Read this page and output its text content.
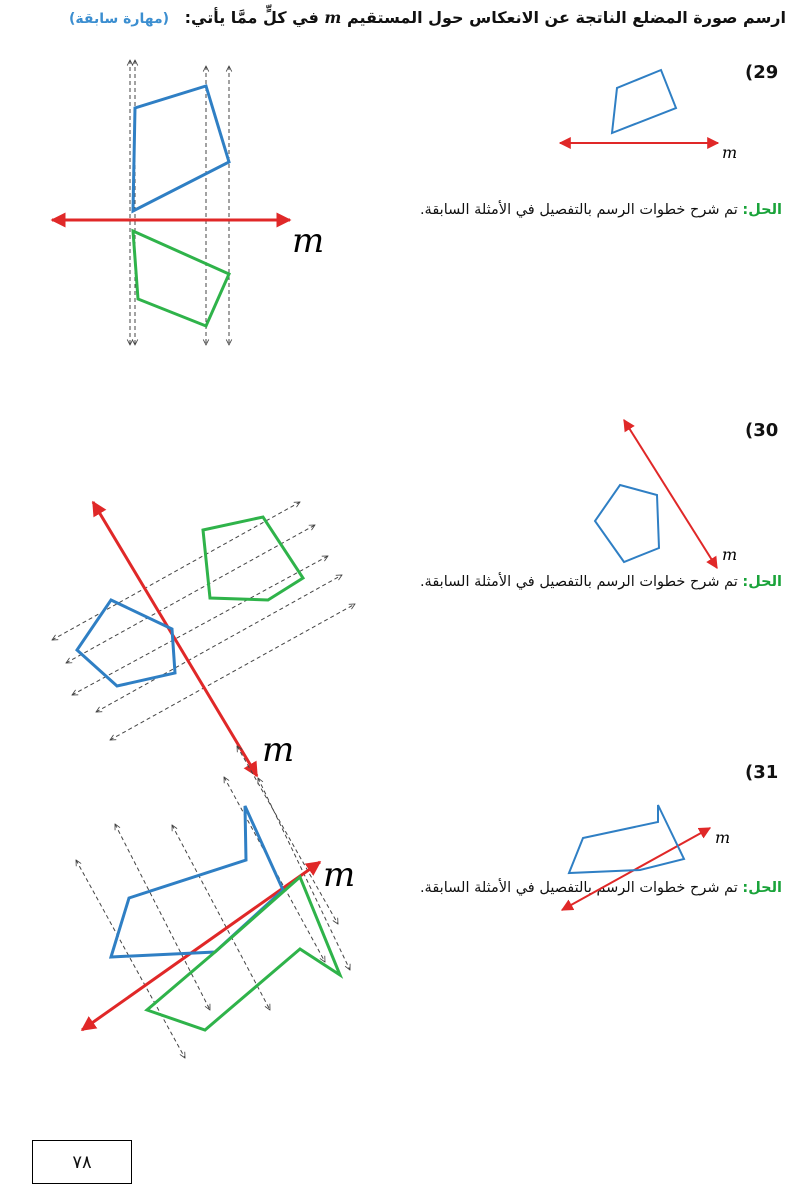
ارسم صورة المضلع الناتجة عن الانعكاس حول المستقيم m في كلٍّ ممَّا يأتي: (مهارة سابقة)
(29
(30
(31
الحل: تم شرح خطوات الرسم بالتفصيل في الأمثلة السابقة.
الحل: تم شرح خطوات الرسم بالتفصيل في الأمثلة السابقة.
الحل: تم شرح خطوات الرسم بالتفصيل في الأمثلة السابقة.
m
m
m
m
m
m
٧٨
